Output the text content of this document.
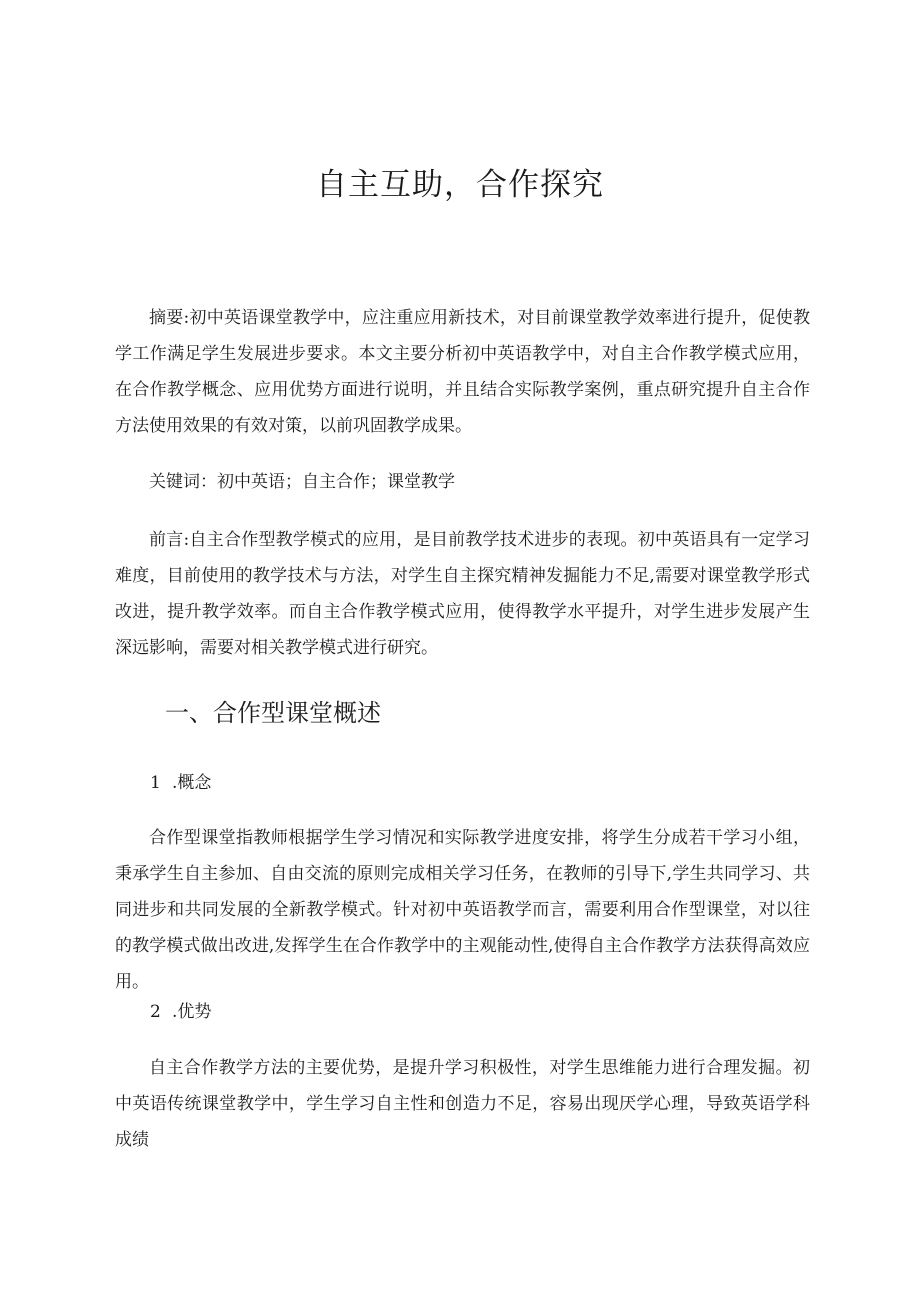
自主互助，合作探究
摘要:初中英语课堂教学中，应注重应用新技术，对目前课堂教学效率进行提升，促使教学工作满足学生发展进步要求。本文主要分析初中英语教学中，对自主合作教学模式应用，在合作教学概念、应用优势方面进行说明，并且结合实际教学案例，重点研究提升自主合作方法使用效果的有效对策，以前巩固教学成果。
关键词：初中英语；自主合作；课堂教学
前言:自主合作型教学模式的应用，是目前教学技术进步的表现。初中英语具有一定学习难度，目前使用的教学技术与方法，对学生自主探究精神发掘能力不足,需要对课堂教学形式改进，提升教学效率。而自主合作教学模式应用，使得教学水平提升，对学生进步发展产生深远影响，需要对相关教学模式进行研究。
一、合作型课堂概述
1 .概念
合作型课堂指教师根据学生学习情况和实际教学进度安排，将学生分成若干学习小组，秉承学生自主参加、自由交流的原则完成相关学习任务，在教师的引导下,学生共同学习、共同进步和共同发展的全新教学模式。针对初中英语教学而言，需要利用合作型课堂，对以往的教学模式做出改进,发挥学生在合作教学中的主观能动性,使得自主合作教学方法获得高效应用。
2 .优势
自主合作教学方法的主要优势，是提升学习积极性，对学生思维能力进行合理发掘。初中英语传统课堂教学中，学生学习自主性和创造力不足，容易出现厌学心理，导致英语学科成绩
